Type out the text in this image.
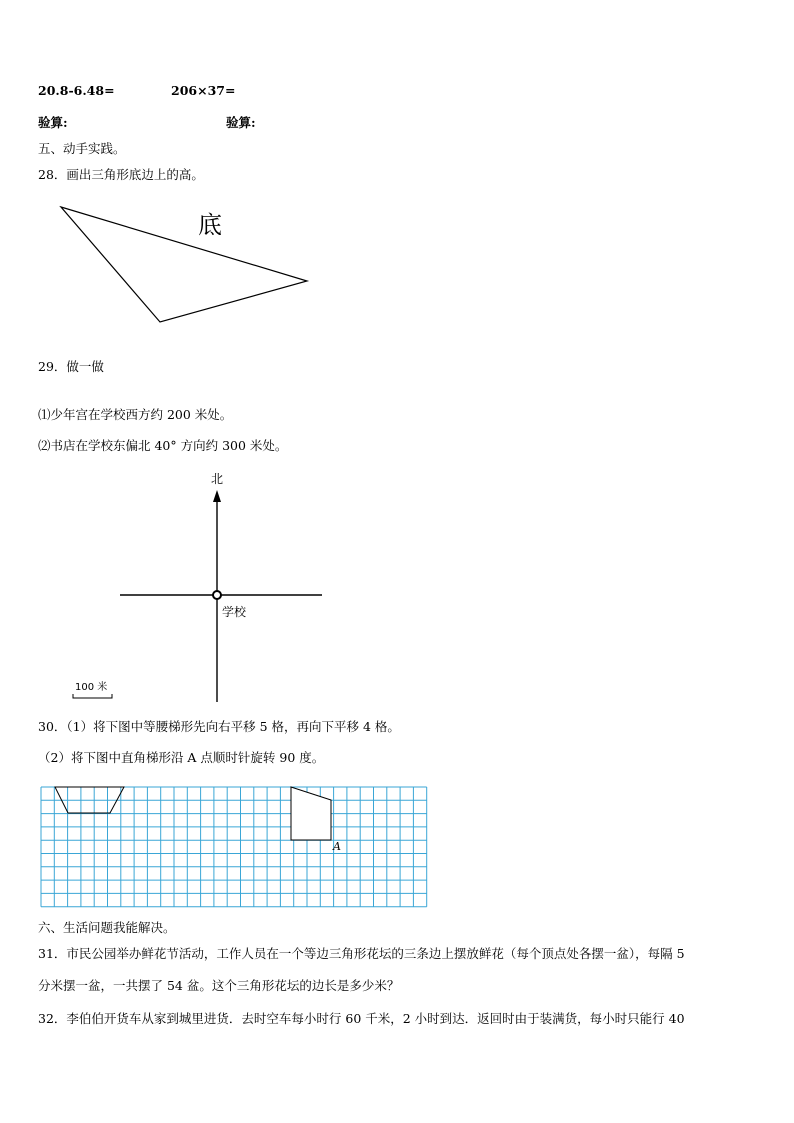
20.8-6.48=	206×37=
验算:	验算:
五、动手实践。
28．画出三角形底边上的高。
底
29．做一做
⑴少年宫在学校西方约 200 米处。
⑵书店在学校东偏北 40° 方向约 300 米处。
北
学校
100 米
30．（1）将下图中等腰梯形先向右平移 5 格，再向下平移 4 格。
（2）将下图中直角梯形沿 A 点顺时针旋转 90 度。
A
六、生活问题我能解决。
31．市民公园举办鲜花节活动，工作人员在一个等边三角形花坛的三条边上摆放鲜花（每个顶点处各摆一盆），每隔 5
分米摆一盆，一共摆了 54 盆。这个三角形花坛的边长是多少米？
32．李伯伯开货车从家到城里进货．去时空车每小时行 60 千米，2 小时到达．返回时由于装满货，每小时只能行 40
